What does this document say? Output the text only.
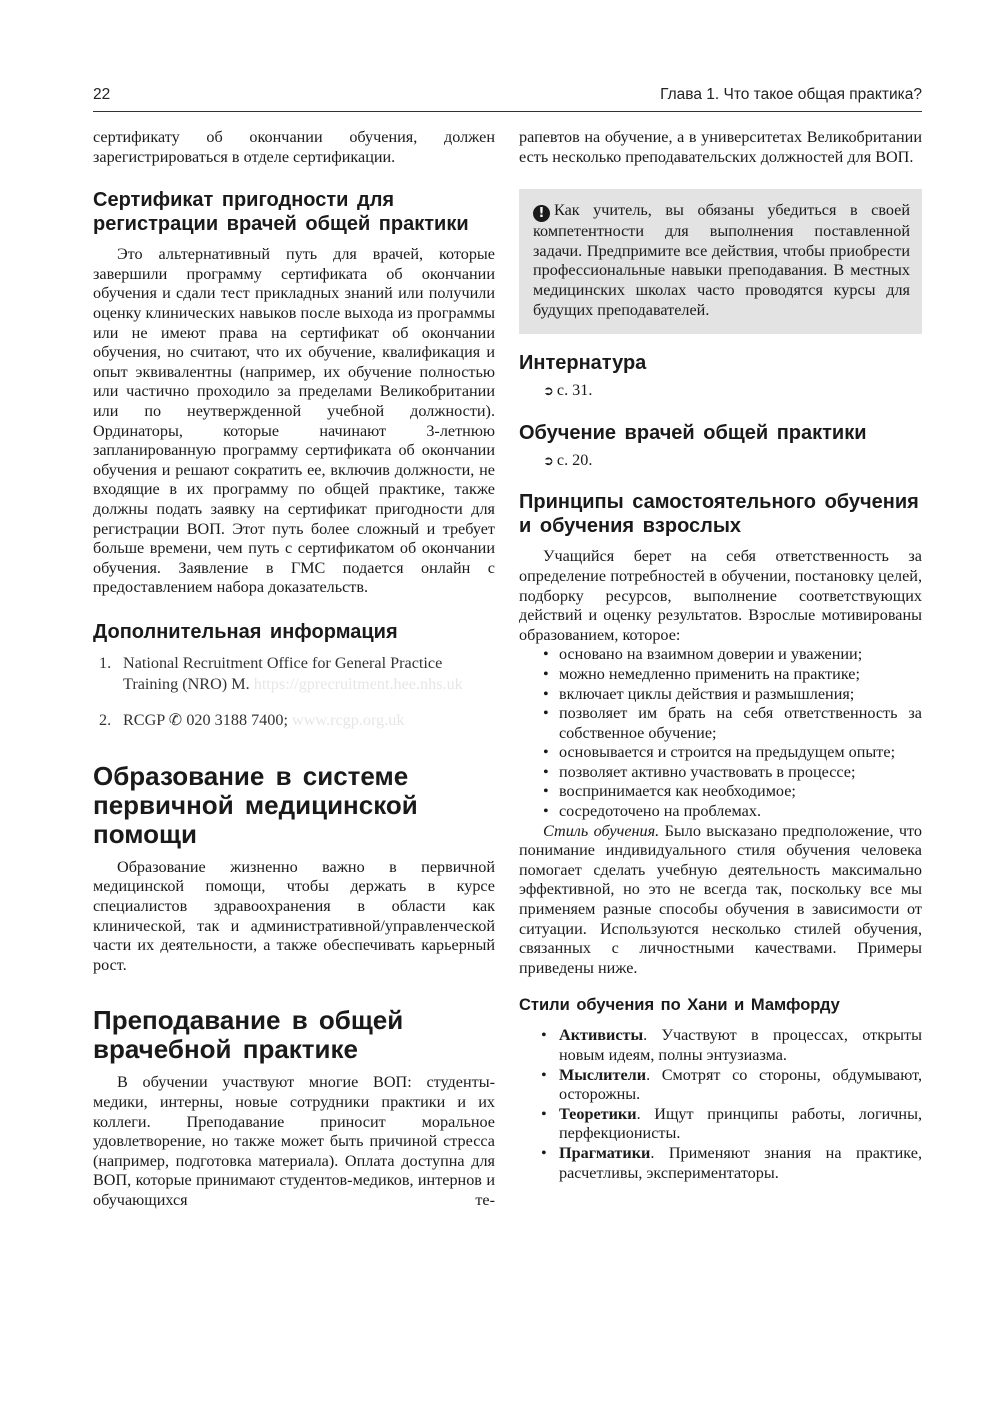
22	Глава 1. Что такое общая практика?

сертификату об окончании обучения, должен зарегистрироваться в отделе сертификации.

Сертификат пригодности для регистрации врачей общей практики

Это альтернативный путь для врачей, которые завершили программу сертификата об окончании обучения и сдали тест прикладных знаний или получили оценку клинических навыков после выхода из программы или не имеют права на сертификат об окончании обучения, но считают, что их обучение, квалификация и опыт эквивалентны (например, их обучение полностью или частично проходило за пределами Великобритании или по неутвержденной учебной должности). Ординаторы, которые начинают 3-летнюю запланированную программу сертификата об окончании обучения и решают сократить ее, включив должности, не входящие в их программу по общей практике, также должны подать заявку на сертификат пригодности для регистрации ВОП. Этот путь более сложный и требует больше времени, чем путь с сертификатом об окончании обучения. Заявление в ГМС подается онлайн с предоставлением набора доказательств.

Дополнительная информация
1. National Recruitment Office for General Practice Training (NRO) M. https://gprecruitment.hee.nhs.uk
2. RCGP ✆ 020 3188 7400; www.rcgp.org.uk
Образование в системе первичной медицинской помощи

Образование жизненно важно в первичной медицинской помощи, чтобы держать в курсе специалистов здравоохранения в области как клинической, так и административной/управленческой части их деятельности, а также обеспечивать карьерный рост.

Преподавание в общей врачебной практике

В обучении участвуют многие ВОП: студенты-медики, интерны, новые сотрудники практики и их коллеги. Преподавание приносит моральное удовлетворение, но также может быть причиной стресса (например, подготовка материала). Оплата доступна для ВОП, которые принимают студентов-медиков, интернов и обучающихся те-

рапевтов на обучение, а в университетах Великобритании есть несколько преподавательских должностей для ВОП.

! Как учитель, вы обязаны убедиться в своей компетентности для выполнения поставленной задачи. Предпримите все действия, чтобы приобрести профессиональные навыки преподавания. В местных медицинских школах часто проводятся курсы для будущих преподавателей.

Интернатура
➲ с. 31.
Обучение врачей общей практики
➲ с. 20.
Принципы самостоятельного обучения и обучения взрослых

Учащийся берет на себя ответственность за определение потребностей в обучении, постановку целей, подборку ресурсов, выполнение соответствующих действий и оценку результатов. Взрослые мотивированы образованием, которое:

• основано на взаимном доверии и уважении;
• можно немедленно применить на практике;
• включает циклы действия и размышления;
• позволяет им брать на себя ответственность за собственное обучение;
• основывается и строится на предыдущем опыте;
• позволяет активно участвовать в процессе;
• воспринимается как необходимое;
• сосредоточено на проблемах.

Стиль обучения. Было высказано предположение, что понимание индивидуального стиля обучения человека помогает сделать учебную деятельность максимально эффективной, но это не всегда так, поскольку все мы применяем разные способы обучения в зависимости от ситуации. Используются несколько стилей обучения, связанных с личностными качествами. Примеры приведены ниже.

Стили обучения по Хани и Мамфорду
• Активисты. Участвуют в процессах, открыты новым идеям, полны энтузиазма.
• Мыслители. Смотрят со стороны, обдумывают, осторожны.
• Теоретики. Ищут принципы работы, логичны, перфекционисты.
• Прагматики. Применяют знания на практике, расчетливы, экспериментаторы.
